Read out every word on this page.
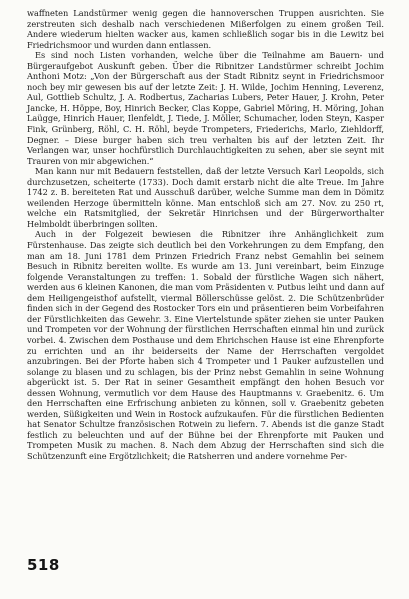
waffneten Landstürmer wenig gegen die hannoverschen Truppen ausrichten. Sie zerstreuten sich deshalb nach verschiedenen Mißerfolgen zu einem großen Teil. Andere wiederum hielten wacker aus, kamen schließlich sogar bis in die Lewitz bei Friedrichsmoor und wurden dann entlassen.

Es sind noch Listen vorhanden, welche über die Teilnahme am Bauern- und Bürgeraufgebot Auskunft geben. Über die Ribnitzer Landstürmer schreibt Jochim Anthoni Motz: „Von der Bürgerschaft aus der Stadt Ribnitz seynt in Friedrichsmoor noch bey mir gewesen bis auf der letzte Zeit: J. H. Wilde, Jochim Henning, Leverenz, Aul, Gottlieb Schultz, J. A. Rodbertus, Zacharias Lubers, Peter Hauer, J. Krohn, Peter Jancke, H. Höppe, Boy, Hinrich Becker, Clas Koppe, Gabriel Möring, H. Möring, Johan Laügge, Hinrich Hauer, Ilenfeldt, J. Tiede, J. Möller, Schumacher, loden Steyn, Kasper Fink, Grünberg, Röhl, C. H. Röhl, beyde Trompeters, Friederichs, Marlo, Ziehldorff, Degner. – Diese burger haben sich treu verhalten bis auf der letzten Zeit. Ihr Verlangen war, unser hochfürstlich Durchlauchtigkeiten zu sehen, aber sie seynt mit Trauren von mir abgewichen.“

Man kann nur mit Bedauern feststellen, daß der letzte Versuch Karl Leopolds, sich durchzusetzen, scheiterte (1733). Doch damit erstarb nicht die alte Treue. Im Jahre 1742 z. B. bereiteten Rat und Ausschuß darüber, welche Summe man dem in Dömitz weilenden Herzoge übermitteln könne. Man entschloß sich am 27. Nov. zu 250 rt, welche ein Ratsmitglied, der Sekretär Hinrichsen und der Bürgerworthalter Helmboldt überbringen sollten.

Auch in der Folgezeit bewiesen die Ribnitzer ihre Anhänglichkeit zum Fürstenhause. Das zeigte sich deutlich bei den Vorkehrungen zu dem Empfang, den man am 18. Juni 1781 dem Prinzen Friedrich Franz nebst Gemahlin bei seinem Besuch in Ribnitz bereiten wollte. Es wurde am 13. Juni vereinbart, beim Einzuge folgende Veranstaltungen zu treffen: 1. Sobald der fürstliche Wagen sich nähert, werden aus 6 kleinen Kanonen, die man vom Präsidenten v. Putbus leiht und dann auf dem Heiligengeisthof aufstellt, viermal Böllerschüsse gelöst. 2. Die Schützenbrüder finden sich in der Gegend des Rostocker Tors ein und präsentieren beim Vorbeifahren der Fürstlichkeiten das Gewehr. 3. Eine Viertelstunde später ziehen sie unter Pauken und Trompeten vor der Wohnung der fürstlichen Herrschaften einmal hin und zurück vorbei. 4. Zwischen dem Posthause und dem Ehrichschen Hause ist eine Ehrenpforte zu errichten und an ihr beiderseits der Name der Herrschaften vergoldet anzubringen. Bei der Pforte haben sich 4 Trompeter und 1 Pauker aufzustellen und solange zu blasen und zu schlagen, bis der Prinz nebst Gemahlin in seine Wohnung abgerückt ist. 5. Der Rat in seiner Gesamtheit empfängt den hohen Besuch vor dessen Wohnung, vermutlich vor dem Hause des Hauptmanns v. Graebenitz. 6. Um den Herrschaften eine Erfrischung anbieten zu können, soll v. Graebenitz gebeten werden, Süßigkeiten und Wein in Rostock aufzukaufen. Für die fürstlichen Bedienten hat Senator Schultze französischen Rotwein zu liefern. 7. Abends ist die ganze Stadt festlich zu beleuchten und auf der Bühne bei der Ehrenpforte mit Pauken und Trompeten Musik zu machen. 8. Nach dem Abzug der Herrschaften sind sich die Schützenzunft eine Ergötzlichkeit; die Ratsherren und andere vornehme Per-

518
